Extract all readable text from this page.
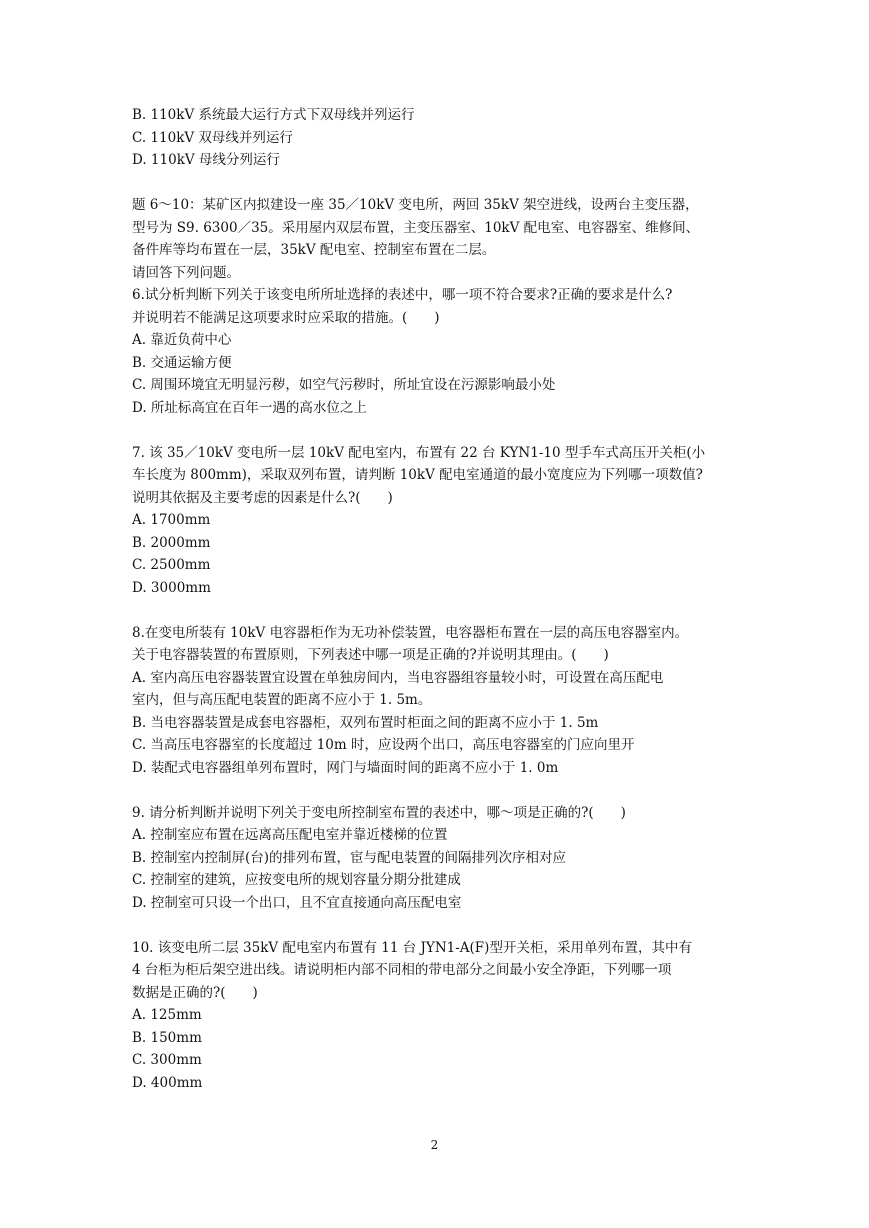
B. 110kV 系统最大运行方式下双母线并列运行
C. 110kV 双母线并列运行
D. 110kV 母线分列运行
题 6～10：某矿区内拟建设一座 35／10kV 变电所，两回 35kV 架空进线，设两台主变压器，
型号为 S9. 6300／35。采用屋内双层布置，主变压器室、10kV 配电室、电容器室、维修间、
备件库等均布置在一层，35kV 配电室、控制室布置在二层。
请回答下列问题。
6.试分析判断下列关于该变电所所址选择的表述中，哪一项不符合要求?正确的要求是什么?
并说明若不能满足这项要求时应采取的措施。(　　)
A. 靠近负荷中心
B. 交通运输方便
C. 周围环境宜无明显污秽，如空气污秽时，所址宜设在污源影响最小处
D. 所址标高宜在百年一遇的高水位之上
7. 该 35／10kV 变电所一层 10kV 配电室内，布置有 22 台 KYN1-10 型手车式高压开关柜(小
车长度为 800mm)，采取双列布置，请判断 10kV 配电室通道的最小宽度应为下列哪一项数值?
说明其依据及主要考虑的因素是什么?(　　)
A. 1700mm
B. 2000mm
C. 2500mm
D. 3000mm
8.在变电所装有 10kV 电容器柜作为无功补偿装置，电容器柜布置在一层的高压电容器室内。
关于电容器装置的布置原则，下列表述中哪一项是正确的?并说明其理由。(　　)
A. 室内高压电容器装置宜设置在单独房间内，当电容器组容量较小时，可设置在高压配电
室内，但与高压配电装置的距离不应小于 1. 5m。
B. 当电容器装置是成套电容器柜，双列布置时柜面之间的距离不应小于 1. 5m
C. 当高压电容器室的长度超过 10m 时，应设两个出口，高压电容器室的门应向里开
D. 装配式电容器组单列布置时，网门与墙面时间的距离不应小于 1. 0m
9. 请分析判断并说明下列关于变电所控制室布置的表述中，哪～项是正确的?(　　)
A. 控制室应布置在远离高压配电室并靠近楼梯的位置
B. 控制室内控制屏(台)的排列布置，宦与配电装置的间隔排列次序相对应
C. 控制室的建筑，应按变电所的规划容量分期分批建成
D. 控制室可只设一个出口，且不宜直接通向高压配电室
10. 该变电所二层 35kV 配电室内布置有 11 台 JYN1-A(F)型开关柜，采用单列布置，其中有
4 台柜为柜后架空进出线。请说明柜内部不同相的带电部分之间最小安全净距，下列哪一项
数据是正确的?(　　)
A. 125mm
B. 150mm
C. 300mm
D. 400mm
2
